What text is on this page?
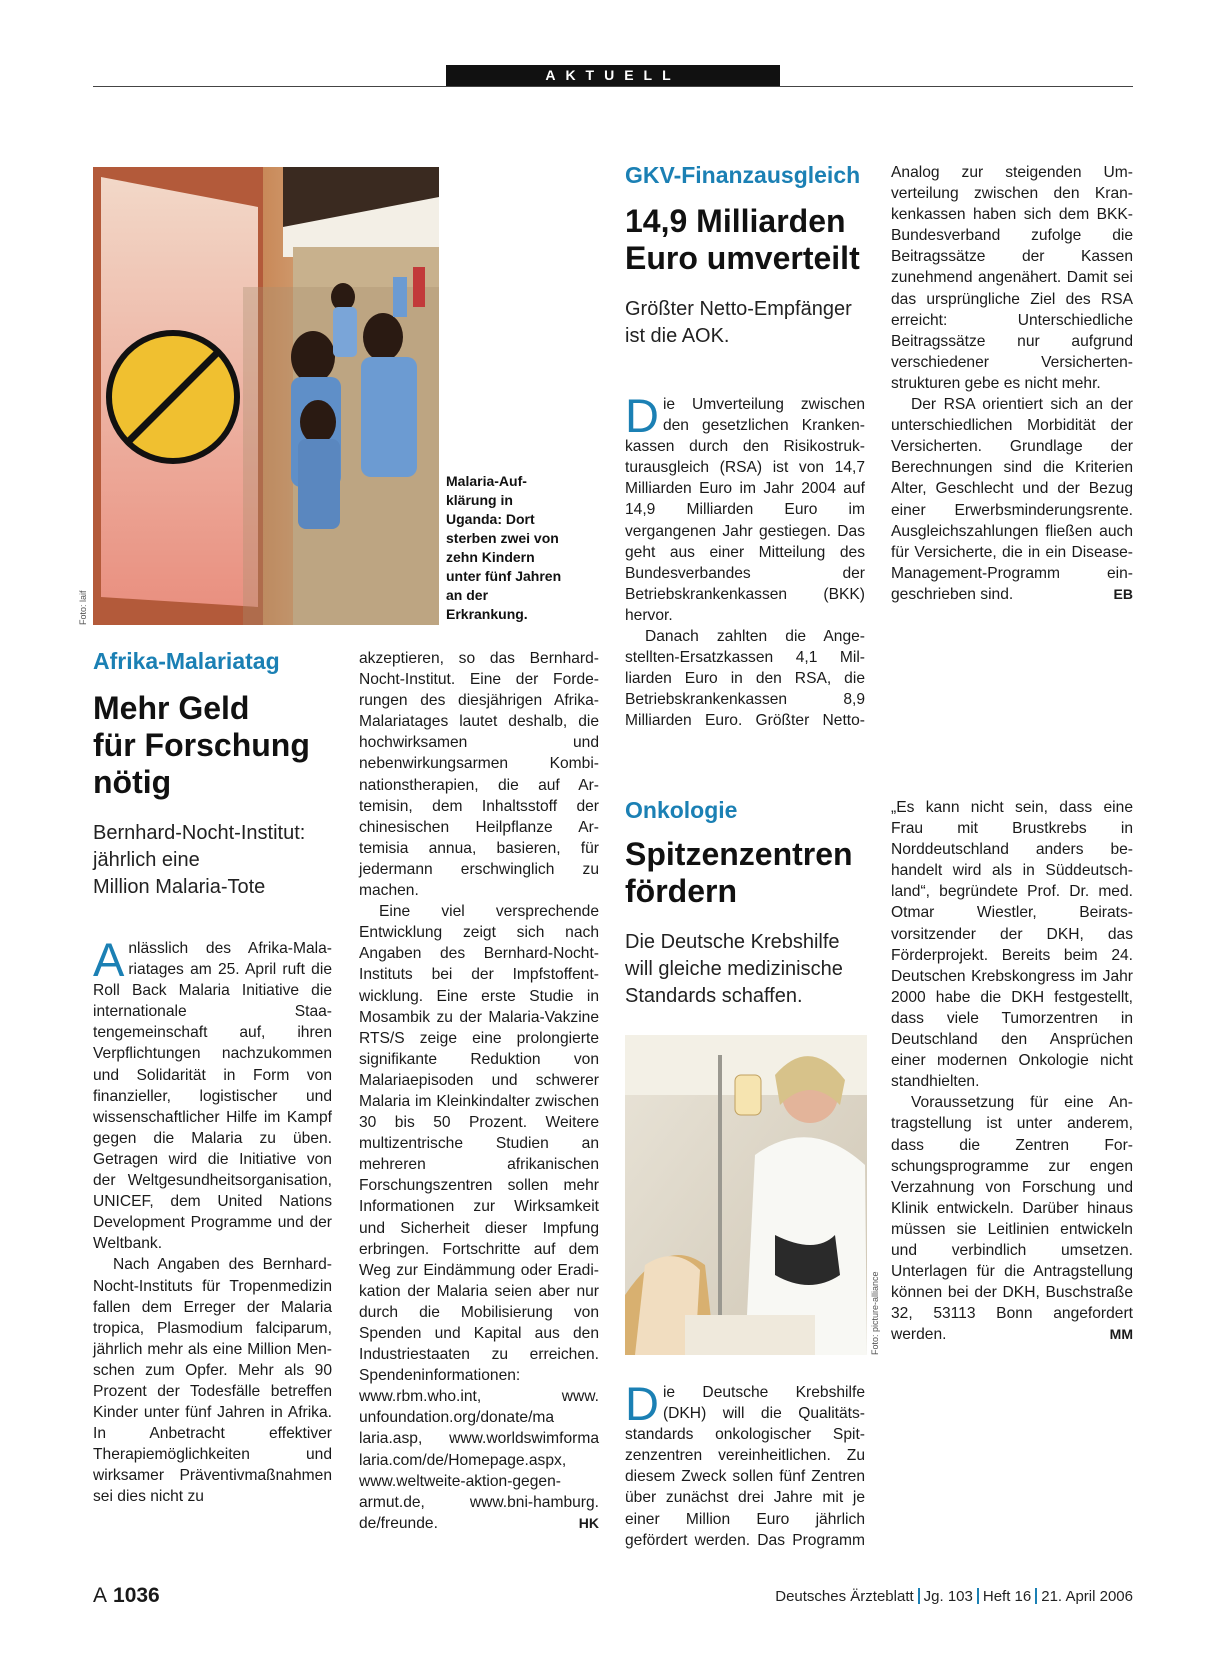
AKTUELL
Foto: laif
Malaria-Aufklärung in Uganda: Dort sterben zwei von zehn Kindern unter fünf Jahren an der Erkrankung.
Afrika-Malariatag
Mehr Geld
für Forschung
nötig
Bernhard-Nocht-Institut:
jährlich eine
Million Malaria-Tote

Anlässlich des Afrika-Malariatages am 25. April ruft die Roll Back Malaria Initiative die internationale Staatengemeinschaft auf, ihren Verpflichtungen nachzukommen und Solidarität in Form von finanzieller, logistischer und wissenschaftlicher Hilfe im Kampf gegen die Malaria zu üben. Getragen wird die Initiative von der Weltgesundheitsorganisation, UNICEF, dem United Nations Development Programme und der Weltbank.

Nach Angaben des Bernhard-Nocht-Instituts für Tropenmedizin fallen dem Erreger der Malaria tropica, Plasmodium falciparum, jährlich mehr als eine Million Menschen zum Opfer. Mehr als 90 Prozent der Todesfälle betreffen Kinder unter fünf Jahren in Afrika. In Anbetracht effektiver Therapiemöglichkeiten und wirksamer Präventivmaßnahmen sei dies nicht zu

akzeptieren, so das Bernhard-Nocht-Institut. Eine der Forderungen des diesjährigen Afrika-Malariatages lautet deshalb, die hochwirksamen und nebenwirkungsarmen Kombinationstherapien, die auf Artemisin, dem Inhaltsstoff der chinesischen Heilpflanze Artemisia annua, basieren, für jedermann erschwinglich zu machen.

Eine viel versprechende Entwicklung zeigt sich nach Angaben des Bernhard-Nocht-Instituts bei der Impfstoffentwicklung. Eine erste Studie in Mosambik zu der Malaria-Vakzine RTS/S zeige eine prolongierte signifikante Reduktion von Malariaepisoden und schwerer Malaria im Kleinkindalter zwischen 30 bis 50 Prozent. Weitere multizentrische Studien an mehreren afrikanischen Forschungszentren sollen mehr Informationen zur Wirksamkeit und Sicherheit dieser Impfung erbringen. Fortschritte auf dem Weg zur Eindämmung oder Eradikation der Malaria seien aber nur durch die Mobilisierung von Spenden und Kapital aus den Industriestaaten zu erreichen. Spendeninformationen: www.rbm.who.int, www. unfoundation.org/donate/ma laria.asp, www.worldswimforma laria.com/de/Homepage.aspx, www.weltweite-aktion-gegen-armut.de, www.bni-hamburg. de/freunde.	HK

GKV-Finanzausgleich
14,9 Milliarden
Euro umverteilt
Größter Netto-Empfänger
ist die AOK.

Die Umverteilung zwischen den gesetzlichen Krankenkassen durch den Risikostrukturausgleich (RSA) ist von 14,7 Milliarden Euro im Jahr 2004 auf 14,9 Milliarden Euro im vergangenen Jahr gestiegen. Das geht aus einer Mitteilung des Bundesverbandes der Betriebskrankenkassen (BKK) hervor.

Danach zahlten die Angestellten-Ersatzkassen 4,1 Milliarden Euro in den RSA, die Betriebskrankenkassen 8,9 Milliarden Euro. Größter Netto-

Analog zur steigenden Umverteilung zwischen den Krankenkassen haben sich dem BKK-Bundesverband zufolge die Beitragssätze der Kassen zunehmend angenähert. Damit sei das ursprüngliche Ziel des RSA erreicht: Unterschiedliche Beitragssätze nur aufgrund verschiedener Versichertenstrukturen gebe es nicht mehr.

Der RSA orientiert sich an der unterschiedlichen Morbidität der Versicherten. Grundlage der Berechnungen sind die Kriterien Alter, Geschlecht und der Bezug einer Erwerbsminderungsrente. Ausgleichszahlungen fließen auch für Versicherte, die in ein Disease-Management-Programm eingeschrieben sind.	EB

Onkologie
Spitzenzentren
fördern
Die Deutsche Krebshilfe
will gleiche medizinische
Standards schaffen.
Foto: picture-alliance

Die Deutsche Krebshilfe (DKH) will die Qualitätsstandards onkologischer Spitzenzentren vereinheitlichen. Zu diesem Zweck sollen fünf Zentren über zunächst drei Jahre mit je einer Million Euro jährlich gefördert werden. Das Programm

„Es kann nicht sein, dass eine Frau mit Brustkrebs in Norddeutschland anders behandelt wird als in Süddeutschland“, begründete Prof. Dr. med. Otmar Wiestler, Beiratsvorsitzender der DKH, das Förderprojekt. Bereits beim 24. Deutschen Krebskongress im Jahr 2000 habe die DKH festgestellt, dass viele Tumorzentren in Deutschland den Ansprüchen einer modernen Onkologie nicht standhielten.

Voraussetzung für eine Antragstellung ist unter anderem, dass die Zentren Forschungsprogramme zur engen Verzahnung von Forschung und Klinik entwickeln. Darüber hinaus müssen sie Leitlinien entwickeln und verbindlich umsetzen. Unterlagen für die Antragstellung können bei der DKH, Buschstraße 32, 53113 Bonn angefordert werden.	MM

A 1036	Deutsches Ärzteblatt Jg. 103 Heft 16 21. April 2006
